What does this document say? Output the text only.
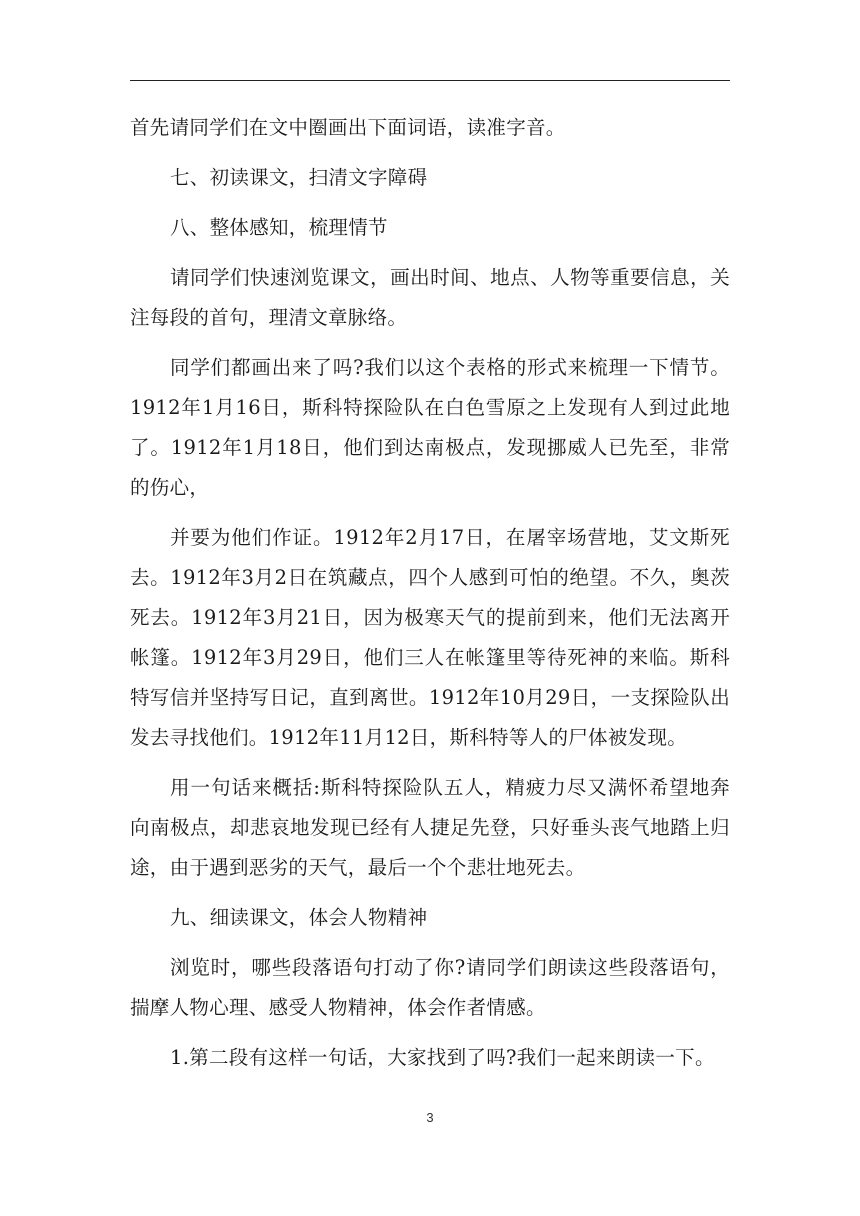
首先请同学们在文中圈画出下面词语，读准字音。

七、初读课文，扫清文字障碍

八、整体感知，梳理情节

请同学们快速浏览课文，画出时间、地点、人物等重要信息，关注每段的首句，理清文章脉络。

同学们都画出来了吗?我们以这个表格的形式来梳理一下情节。1912年1月16日，斯科特探险队在白色雪原之上发现有人到过此地了。1912年1月18日，他们到达南极点，发现挪威人已先至，非常的伤心，

并要为他们作证。1912年2月17日，在屠宰场营地，艾文斯死去。1912年3月2日在筑藏点，四个人感到可怕的绝望。不久，奥茨死去。1912年3月21日，因为极寒天气的提前到来，他们无法离开帐篷。1912年3月29日，他们三人在帐篷里等待死神的来临。斯科特写信并坚持写日记，直到离世。1912年10月29日，一支探险队出发去寻找他们。1912年11月12日，斯科特等人的尸体被发现。

用一句话来概括:斯科特探险队五人，精疲力尽又满怀希望地奔向南极点，却悲哀地发现已经有人捷足先登，只好垂头丧气地踏上归途，由于遇到恶劣的天气，最后一个个悲壮地死去。

九、细读课文，体会人物精神

浏览时，哪些段落语句打动了你?请同学们朗读这些段落语句，揣摩人物心理、感受人物精神，体会作者情感。

1.第二段有这样一句话，大家找到了吗?我们一起来朗读一下。

3
